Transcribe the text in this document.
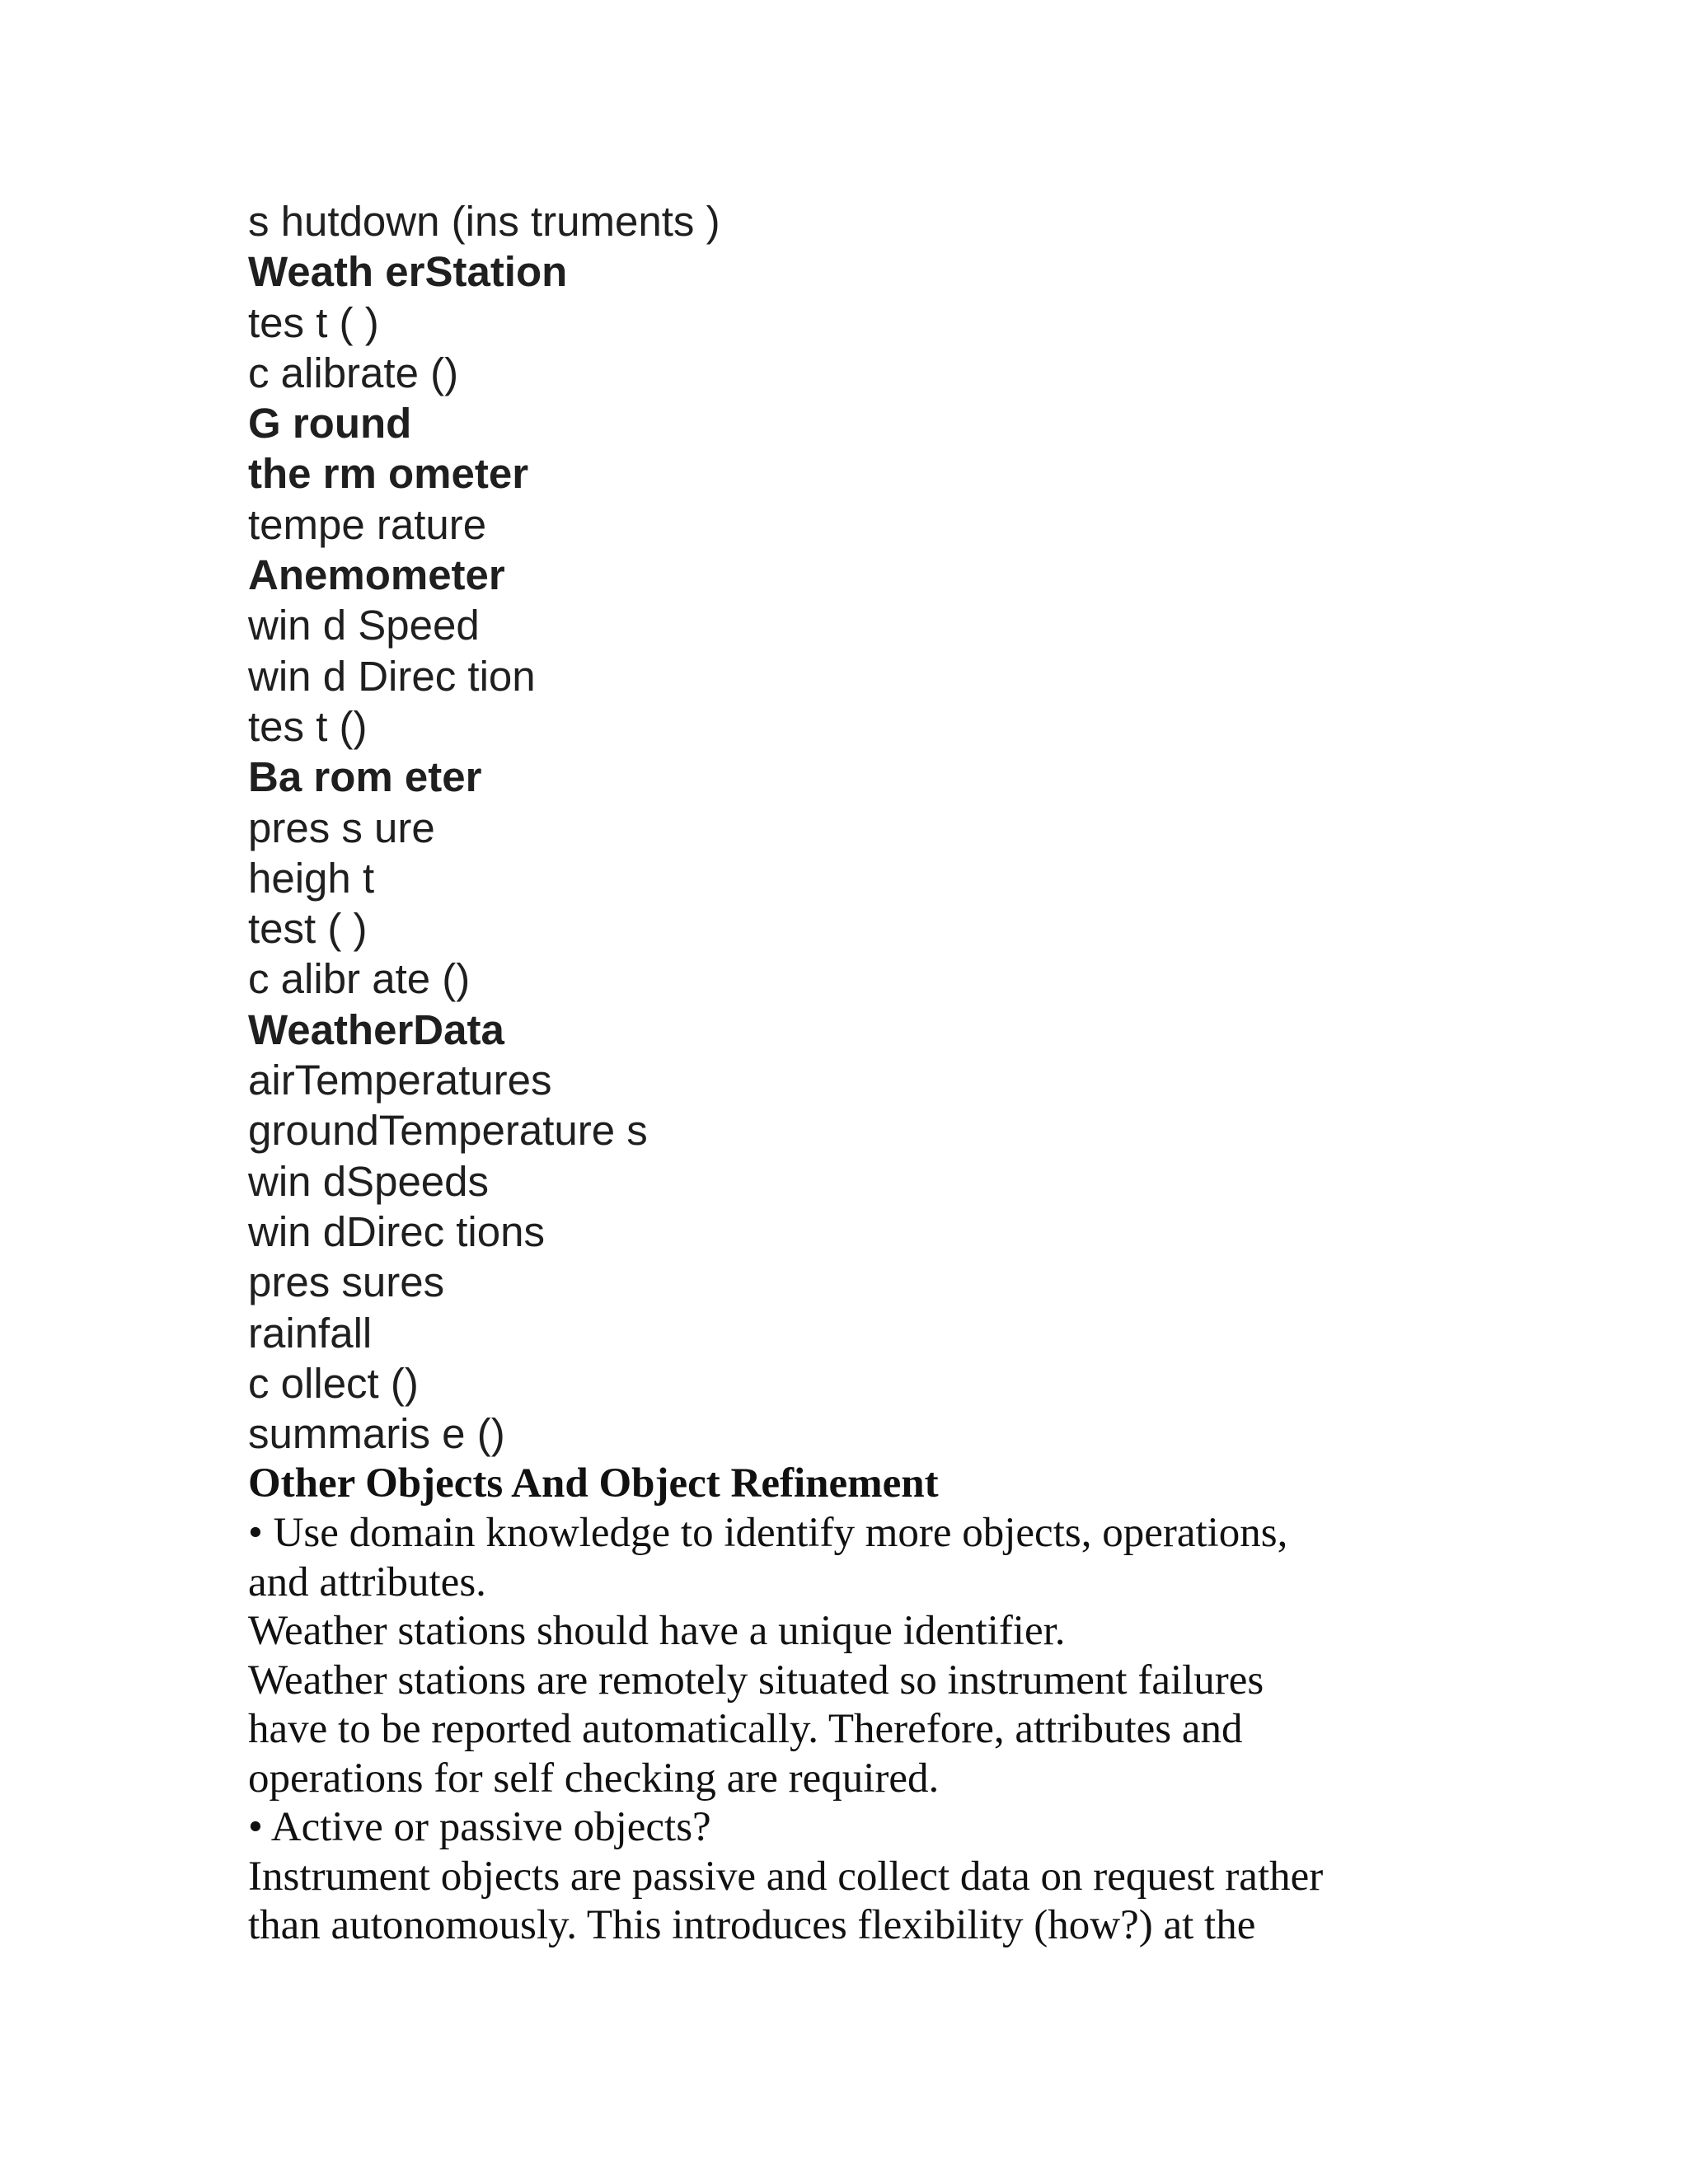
s hutdown (ins truments )
Weath erStation
tes t ( )
c alibrate ()
G round
the rm ometer
tempe rature
Anemometer
win d Speed
win d Direc tion
tes t ()
Ba rom eter
pres s ure
heigh t
test ( )
c alibr ate ()
WeatherData
airTemperatures
groundTemperature s
win dSpeeds
win dDirec tions
pres sures
rainfall
c ollect ()
summaris e ()
Other Objects And Object Refinement
• Use domain knowledge to identify more objects, operations,
and attributes.
Weather stations should have a unique identifier.
Weather stations are remotely situated so instrument failures
have to be reported automatically. Therefore, attributes and
operations for self checking are required.
• Active or passive objects?
Instrument objects are passive and collect data on request rather
than autonomously. This introduces flexibility (how?) at the
